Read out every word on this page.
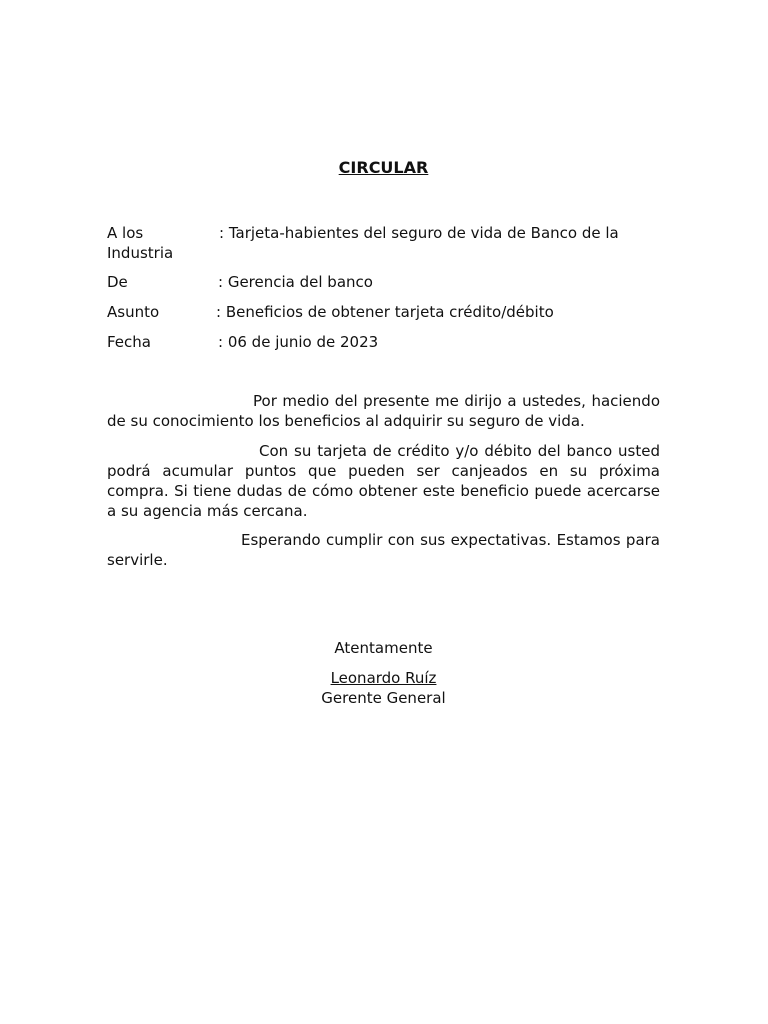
CIRCULAR
A los	: Tarjeta-habientes del seguro de vida de Banco de la Industria
De	: Gerencia del banco
Asunto	: Beneficios de obtener tarjeta crédito/débito
Fecha	: 06 de junio de 2023
Por medio del presente me dirijo a ustedes, haciendo de su conocimiento los beneficios al adquirir su seguro de vida.
Con su tarjeta de crédito y/o débito del banco usted podrá acumular puntos que pueden ser canjeados en su próxima compra. Si tiene dudas de cómo obtener este beneficio puede acercarse a su agencia más cercana.
Esperando cumplir con sus expectativas. Estamos para servirle.
Atentamente
Leonardo Ruíz
Gerente General
